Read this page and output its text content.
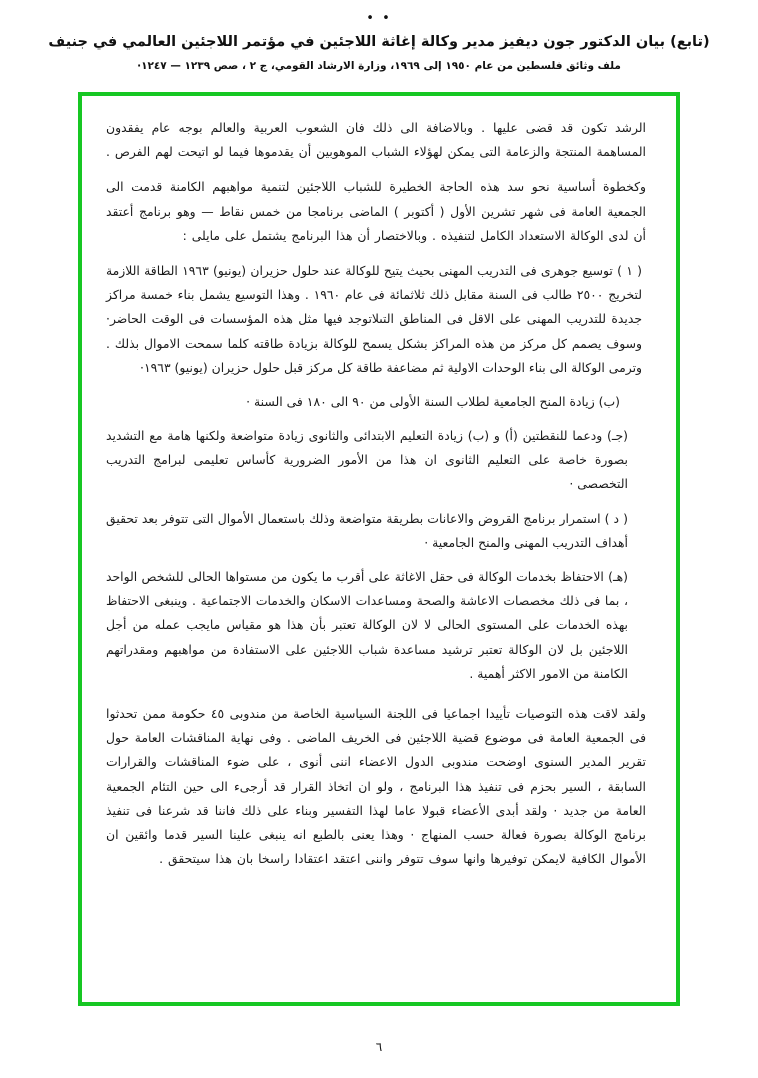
• •
(تابع) بيان الدكتور جون ديفيز مدير وكالة إغاثة اللاجئين في مؤتمر اللاجئين العالمي في جنيف
ملف وثائق فلسطين من عام ١٩٥٠ إلى ١٩٦٩، وزارة الارشاد القومي، ج ٢ ، صص ١٢٣٩ — ١٢٤٧·

الرشد تكون قد قضى عليها . وبالاضافة الى ذلك فان الشعوب العربية والعالم بوجه عام يفقدون المساهمة المنتجة والزعامة التى يمكن لهؤلاء الشباب الموهوبين أن يقدموها فيما لو اتيحت لهم الفرص .

وكخطوة أساسية نحو سد هذه الحاجة الخطيرة للشباب اللاجئين لتنمية مواهبهم الكامنة قدمت الى الجمعية العامة فى شهر تشرين الأول ( أكتوبر ) الماضى برنامجا من خمس نقاط — وهو برنامج أعتقد أن لدى الوكالة الاستعداد الكامل لتنفيذه . وبالاختصار أن هذا البرنامج يشتمل على مايلى :

( ١ ) توسيع جوهرى فى التدريب المهنى بحيث يتيح للوكالة عند حلول حزيران (يونيو) ١٩٦٣ الطاقة اللازمة لتخريج ٢٥٠٠ طالب فى السنة مقابل ذلك ثلاثمائة فى عام ١٩٦٠ . وهذا التوسيع يشمل بناء خمسة مراكز جديدة للتدريب المهنى على الاقل فى المناطق التىلاتوجد فيها مثل هذه المؤسسات فى الوقت الحاضر· وسوف يصمم كل مركز من هذه المراكز بشكل يسمح للوكالة بزيادة طاقته كلما سمحت الاموال بذلك . وترمى الوكالة الى بناء الوحدات الاولية ثم مضاعفة طاقة كل مركز قبل حلول حزيران (يونيو) ١٩٦٣·

(ب) زيادة المنح الجامعية لطلاب السنة الأولى من ٩٠ الى ١٨٠ فى السنة ·

(جـ) ودعما للنقطتين (أ) و (ب) زيادة التعليم الابتدائى والثانوى زيادة متواضعة ولكنها هامة مع التشديد بصورة خاصة على التعليم الثانوى ان هذا من الأمور الضرورية كأساس تعليمى لبرامج التدريب التخصصى ·

( د ) استمرار برنامج القروض والاعانات بطريقة متواضعة وذلك باستعمال الأموال التى تتوفر بعد تحقيق أهداف التدريب المهنى والمنح الجامعية ·

(هـ) الاحتفاظ بخدمات الوكالة فى حقل الاغاثة على أقرب ما يكون من مستواها الحالى للشخص الواحد ، بما فى ذلك مخصصات الاعاشة والصحة ومساعدات الاسكان والخدمات الاجتماعية . وينبغى الاحتفاظ بهذه الخدمات على المستوى الحالى لا لان الوكالة تعتبر بأن هذا هو مقياس مايجب عمله من أجل اللاجئين بل لان الوكالة تعتبر ترشيد مساعدة شباب اللاجئين على الاستفادة من مواهبهم ومقدراتهم الكامنة من الامور الاكثر أهمية .

ولقد لاقت هذه التوصيات تأييدا اجماعيا فى اللجنة السياسية الخاصة من مندوبى ٤٥ حكومة ممن تحدثوا فى الجمعية العامة فى موضوع قضية اللاجئين فى الخريف الماضى . وفى نهاية المناقشات العامة حول تقرير المدير السنوى اوضحت مندوبى الدول الاعضاء اننى أنوى ، على ضوء المناقشات والقرارات السابقة ، السير بحزم فى تنفيذ هذا البرنامج ، ولو ان اتخاذ القرار قد أرجىء الى حين التئام الجمعية العامة من جديد · ولقد أبدى الأعضاء قبولا عاما لهذا التفسير وبناء على ذلك فاننا قد شرعنا فى تنفيذ برنامج الوكالة بصورة فعالة حسب المنهاج · وهذا يعنى بالطبع انه ينبغى علينا السير قدما وائقين ان الأموال الكافية لايمكن توفيرها وانها سوف تتوفر واننى اعتقد اعتقادا راسخا بان هذا سيتحقق .

٦
